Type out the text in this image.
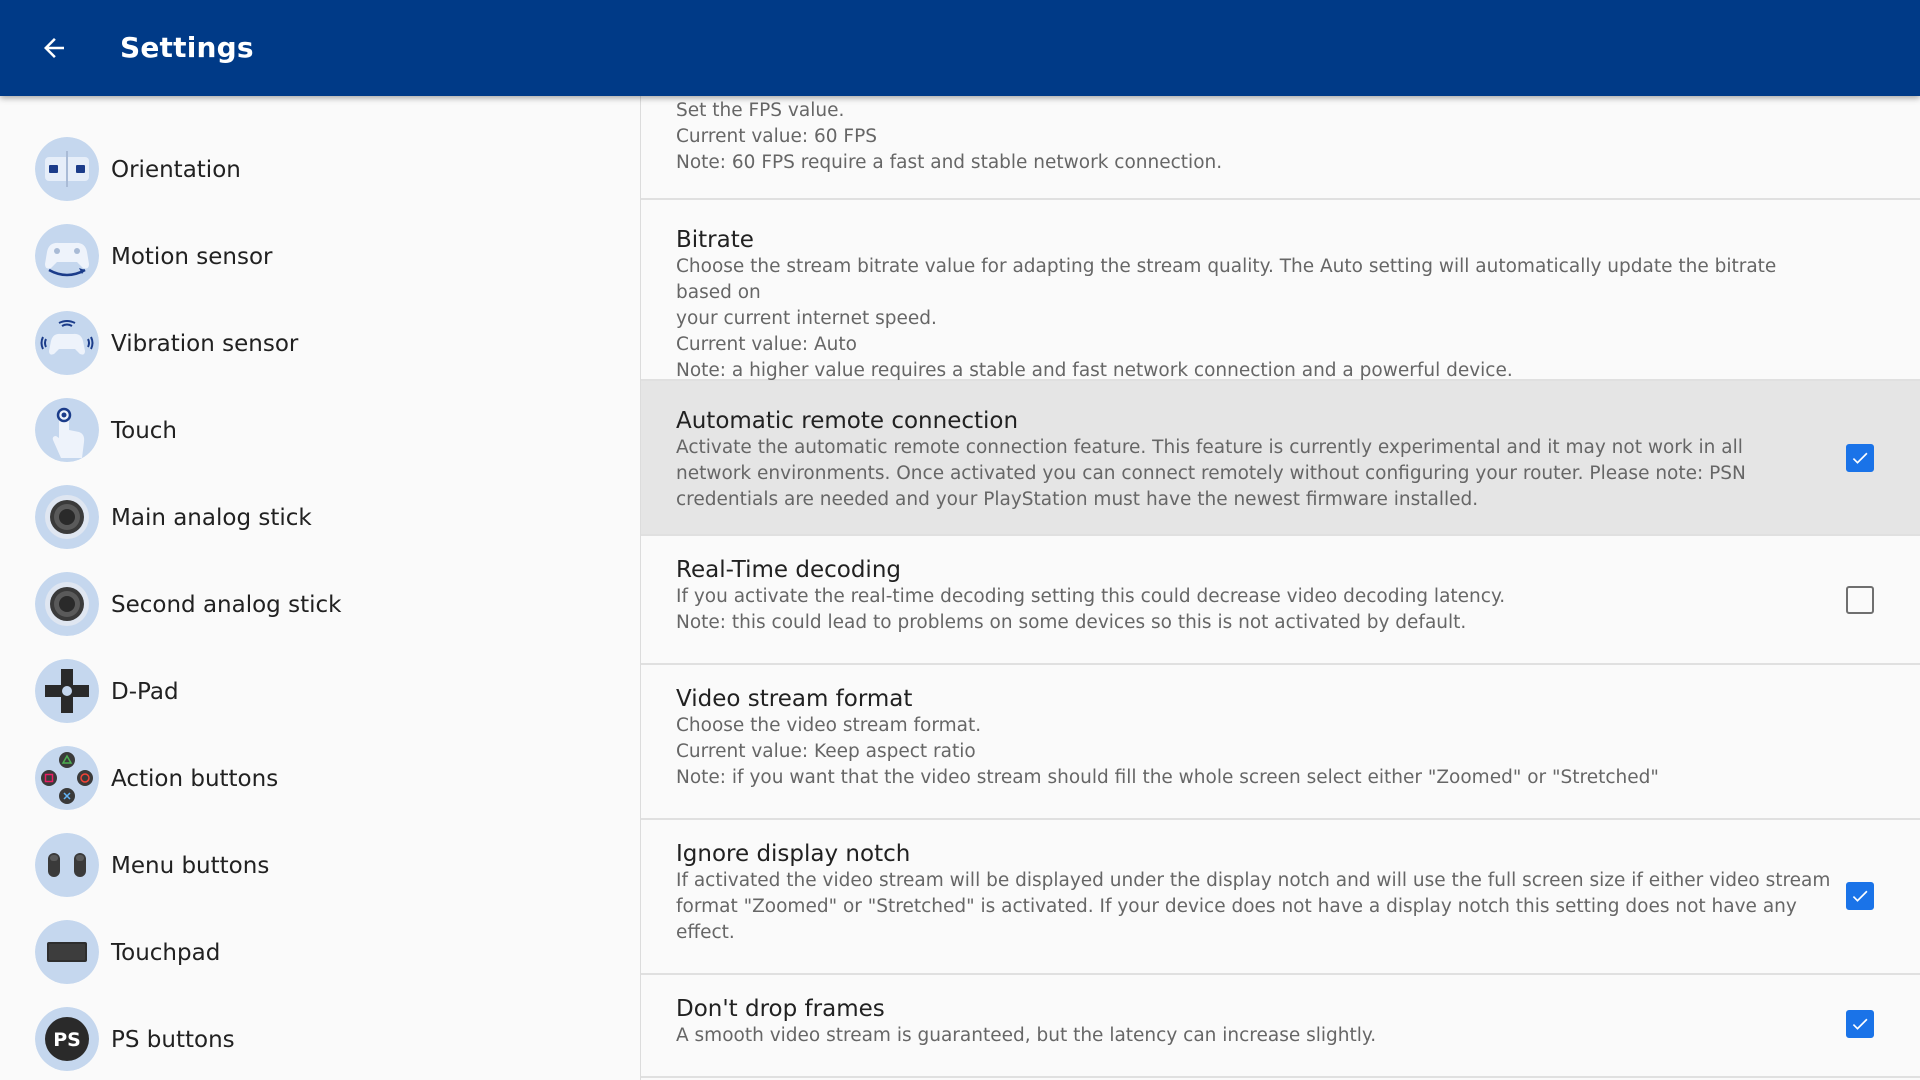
Settings
Orientation
Motion sensor
Vibration sensor
Touch
Main analog stick
Second analog stick
D-Pad
Action buttons
Menu buttons
Touchpad
PS PS buttons
Set the FPS value.
Current value: 60 FPS
Note: 60 FPS require a fast and stable network connection.
Bitrate
Choose the stream bitrate value for adapting the stream quality. The Auto setting will automatically update the bitrate based on
your current internet speed.
Current value: Auto
Note: a higher value requires a stable and fast network connection and a powerful device.
Automatic remote connection
Activate the automatic remote connection feature. This feature is currently experimental and it may not work in all
network environments. Once activated you can connect remotely without configuring your router. Please note: PSN
credentials are needed and your PlayStation must have the newest firmware installed.
Real-Time decoding
If you activate the real-time decoding setting this could decrease video decoding latency.
Note: this could lead to problems on some devices so this is not activated by default.
Video stream format
Choose the video stream format.
Current value: Keep aspect ratio
Note: if you want that the video stream should fill the whole screen select either "Zoomed" or "Stretched"
Ignore display notch
If activated the video stream will be displayed under the display notch and will use the full screen size if either video stream
format "Zoomed" or "Stretched" is activated. If your device does not have a display notch this setting does not have any
effect.
Don't drop frames
A smooth video stream is guaranteed, but the latency can increase slightly.
